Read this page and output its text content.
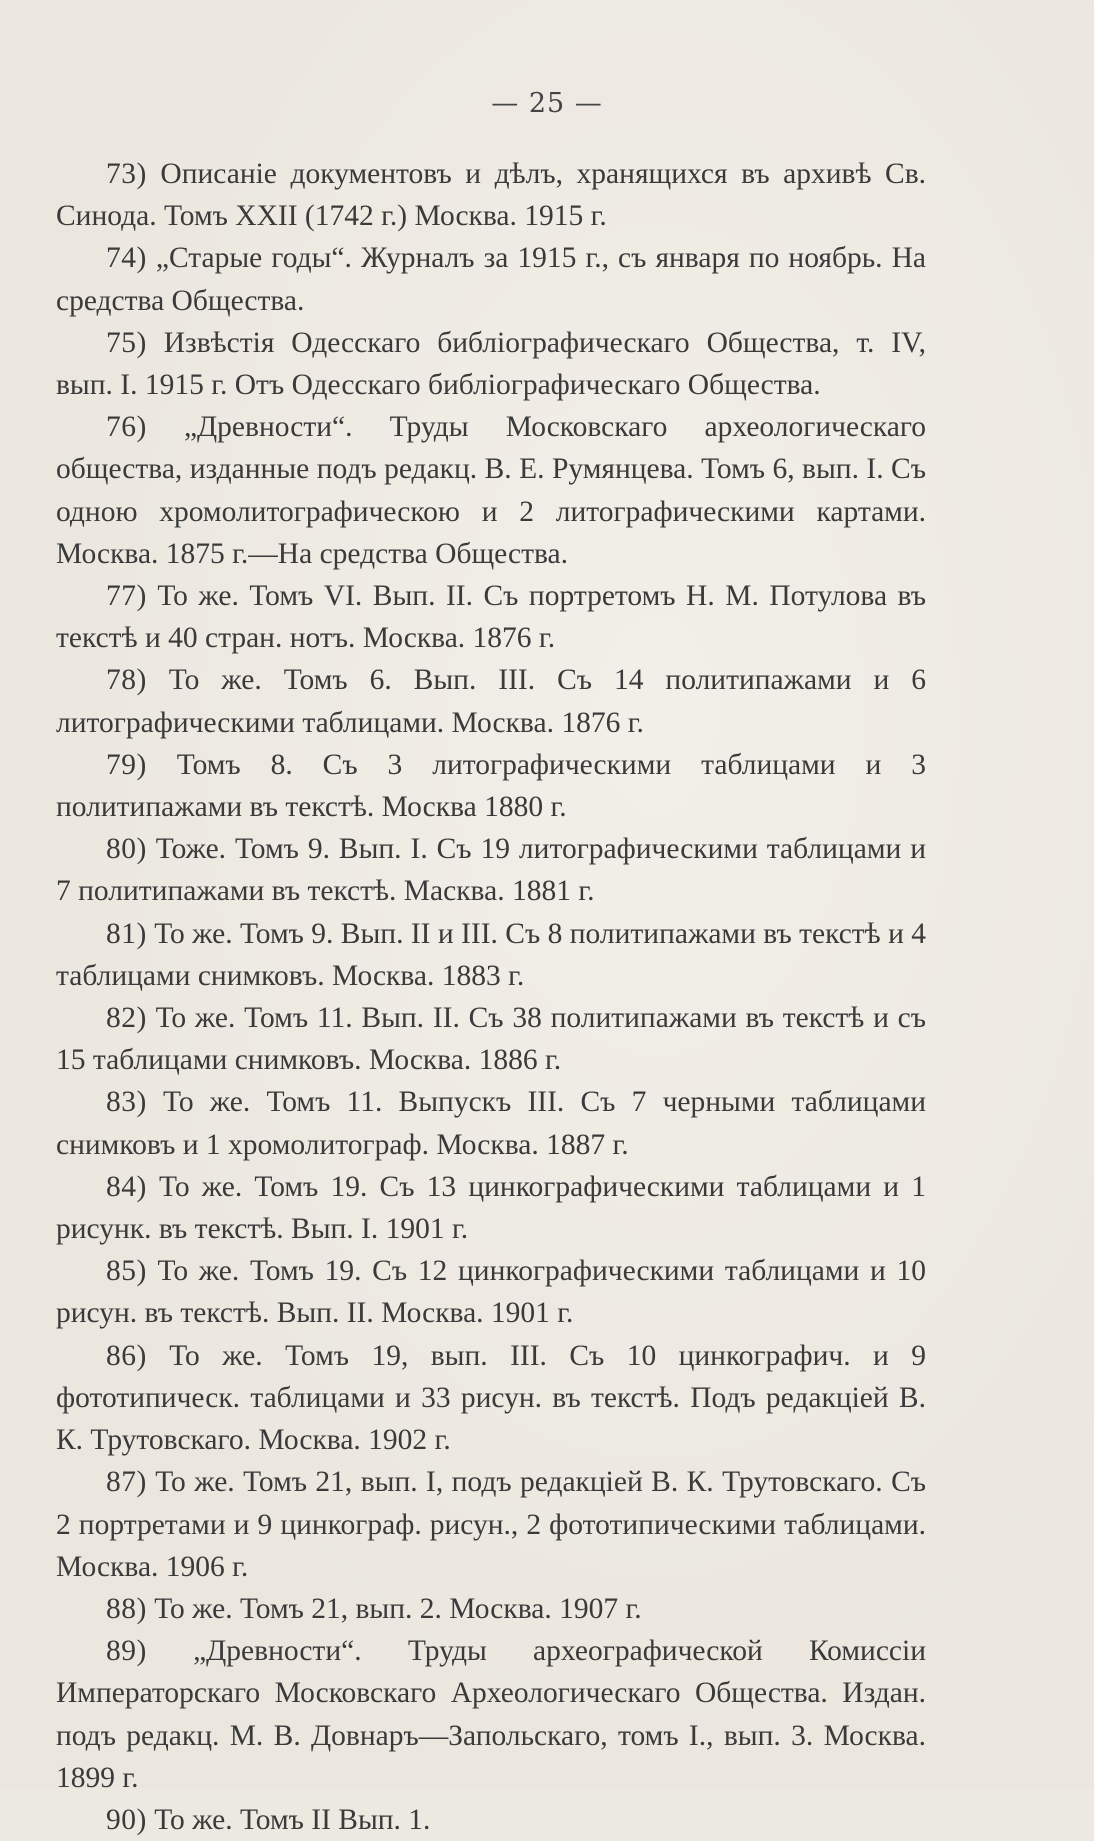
— 25 —

73) Описаніе документовъ и дѣлъ, хранящихся въ архивѣ Св. Синода. Томъ XXII (1742 г.) Москва. 1915 г.

74) „Старые годы“. Журналъ за 1915 г., съ января по ноябрь. На средства Общества.

75) Извѣстія Одесскаго библіографическаго Общества, т. IV, вып. I. 1915 г. Отъ Одесскаго библіографическаго Общества.

76) „Древности“. Труды Московскаго археологическаго общества, изданные подъ редакц. В. Е. Румянцева. Томъ 6, вып. I. Съ одною хромолитографическою и 2 литографическими картами. Москва. 1875 г.—На средства Общества.

77) То же. Томъ VI. Вып. II. Съ портретомъ Н. М. Потулова въ текстѣ и 40 стран. нотъ. Москва. 1876 г.

78) То же. Томъ 6. Вып. III. Съ 14 политипажами и 6 литографическими таблицами. Москва. 1876 г.

79) Томъ 8. Съ 3 литографическими таблицами и 3 политипажами въ текстѣ. Москва 1880 г.

80) Тоже. Томъ 9. Вып. I. Съ 19 литографическими таблицами и 7 политипажами въ текстѣ. Масква. 1881 г.

81) То же. Томъ 9. Вып. II и III. Съ 8 политипажами въ текстѣ и 4 таблицами снимковъ. Москва. 1883 г.

82) То же. Томъ 11. Вып. II. Съ 38 политипажами въ текстѣ и съ 15 таблицами снимковъ. Москва. 1886 г.

83) То же. Томъ 11. Выпускъ III. Съ 7 черными таблицами снимковъ и 1 хромолитограф. Москва. 1887 г.

84) То же. Томъ 19. Съ 13 цинкографическими таблицами и 1 рисунк. въ текстѣ. Вып. I. 1901 г.

85) То же. Томъ 19. Съ 12 цинкографическими таблицами и 10 рисун. въ текстѣ. Вып. II. Москва. 1901 г.

86) То же. Томъ 19, вып. III. Съ 10 цинкографич. и 9 фототипическ. таблицами и 33 рисун. въ текстѣ. Подъ редакціей В. К. Трутовскаго. Москва. 1902 г.

87) То же. Томъ 21, вып. I, подъ редакціей В. К. Трутовскаго. Съ 2 портретами и 9 цинкограф. рисун., 2 фототипическими таблицами. Москва. 1906 г.

88) То же. Томъ 21, вып. 2. Москва. 1907 г.

89) „Древности“. Труды археографической Комиссіи Императорскаго Московскаго Археологическаго Общества. Издан. подъ редакц. М. В. Довнаръ—Запольскаго, томъ I., вып. 3. Москва. 1899 г.

90) То же. Томъ II Вып. 1.
